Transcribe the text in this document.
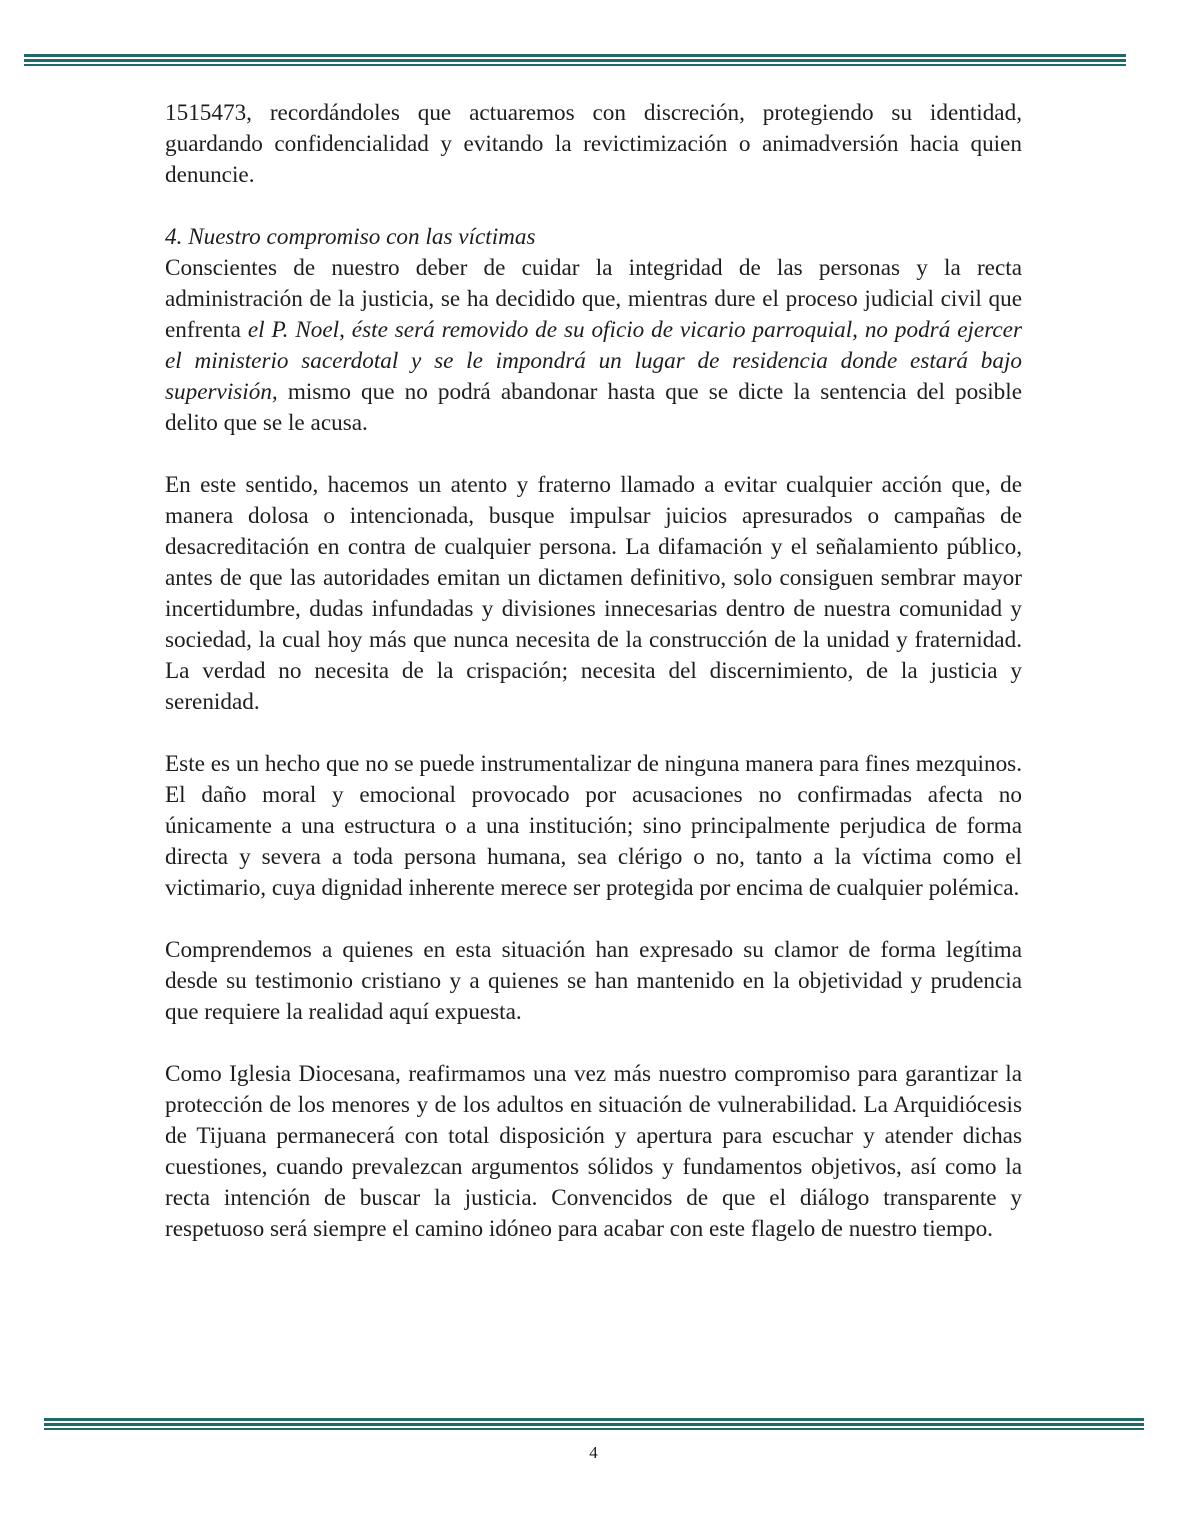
1515473, recordándoles que actuaremos con discreción, protegiendo su identidad, guardando confidencialidad y evitando la revictimización o animadversión hacia quien denuncie.

4. Nuestro compromiso con las víctimas
Conscientes de nuestro deber de cuidar la integridad de las personas y la recta administración de la justicia, se ha decidido que, mientras dure el proceso judicial civil que enfrenta el P. Noel, éste será removido de su oficio de vicario parroquial, no podrá ejercer el ministerio sacerdotal y se le impondrá un lugar de residencia donde estará bajo supervisión, mismo que no podrá abandonar hasta que se dicte la sentencia del posible delito que se le acusa.

En este sentido, hacemos un atento y fraterno llamado a evitar cualquier acción que, de manera dolosa o intencionada, busque impulsar juicios apresurados o campañas de desacreditación en contra de cualquier persona. La difamación y el señalamiento público, antes de que las autoridades emitan un dictamen definitivo, solo consiguen sembrar mayor incertidumbre, dudas infundadas y divisiones innecesarias dentro de nuestra comunidad y sociedad, la cual hoy más que nunca necesita de la construcción de la unidad y fraternidad. La verdad no necesita de la crispación; necesita del discernimiento, de la justicia y serenidad.

Este es un hecho que no se puede instrumentalizar de ninguna manera para fines mezquinos. El daño moral y emocional provocado por acusaciones no confirmadas afecta no únicamente a una estructura o a una institución; sino principalmente perjudica de forma directa y severa a toda persona humana, sea clérigo o no, tanto a la víctima como el victimario, cuya dignidad inherente merece ser protegida por encima de cualquier polémica.

Comprendemos a quienes en esta situación han expresado su clamor de forma legítima desde su testimonio cristiano y a quienes se han mantenido en la objetividad y prudencia que requiere la realidad aquí expuesta.

Como Iglesia Diocesana, reafirmamos una vez más nuestro compromiso para garantizar la protección de los menores y de los adultos en situación de vulnerabilidad. La Arquidiócesis de Tijuana permanecerá con total disposición y apertura para escuchar y atender dichas cuestiones, cuando prevalezcan argumentos sólidos y fundamentos objetivos, así como la recta intención de buscar la justicia. Convencidos de que el diálogo transparente y respetuoso será siempre el camino idóneo para acabar con este flagelo de nuestro tiempo.

4
